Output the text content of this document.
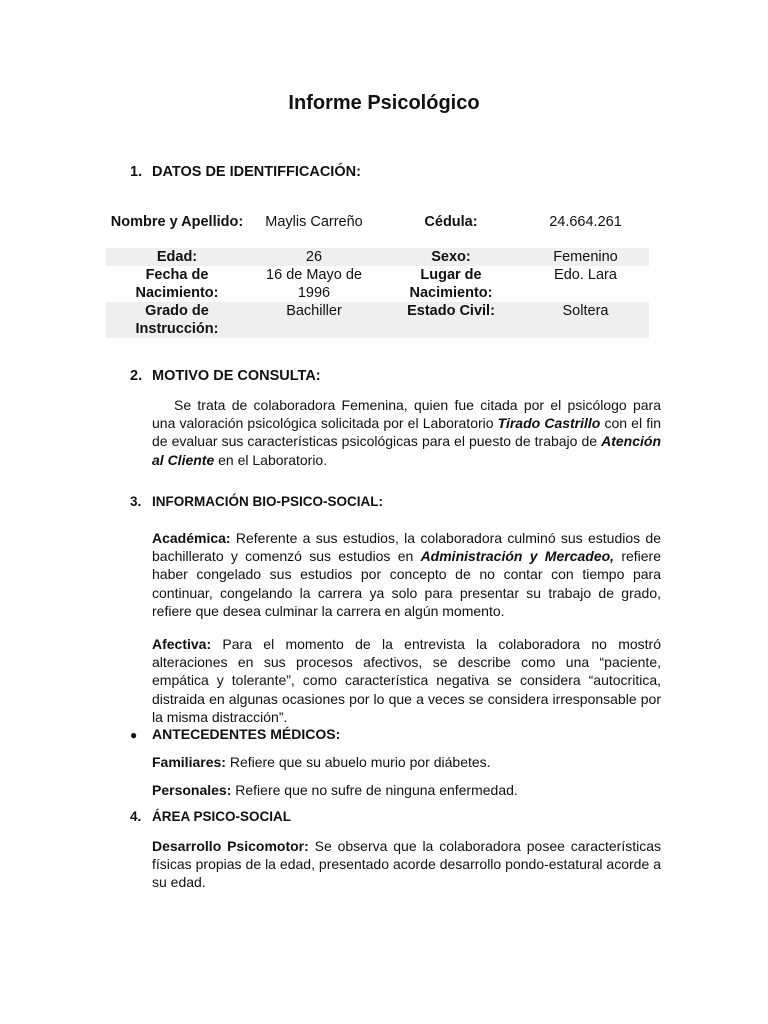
Informe Psicológico
1. DATOS DE IDENTIFFICACIÓN:
Nombre y Apellido:	Maylis Carreño	Cédula:	24.664.261
Edad:	26	Sexo:	Femenino
Fecha de Nacimiento:	16 de Mayo de 1996	Lugar de Nacimiento:	Edo. Lara
Grado de Instrucción:	Bachiller	Estado Civil:	Soltera
2. MOTIVO DE CONSULTA:
Se trata de colaboradora Femenina, quien fue citada por el psicólogo para una valoración psicológica solicitada por el Laboratorio Tirado Castrillo con el fin de evaluar sus características psicológicas para el puesto de trabajo de Atención al Cliente en el Laboratorio.
3. INFORMACIÓN BIO-PSICO-SOCIAL:
Académica: Referente a sus estudios, la colaboradora culminó sus estudios de bachillerato y comenzó sus estudios en Administración y Mercadeo, refiere haber congelado sus estudios por concepto de no contar con tiempo para continuar, congelando la carrera ya solo para presentar su trabajo de grado, refiere que desea culminar la carrera en algún momento.
Afectiva: Para el momento de la entrevista la colaboradora no mostró alteraciones en sus procesos afectivos, se describe como una “paciente, empática y tolerante”, como característica negativa se considera “autocritica, distraida en algunas ocasiones por lo que a veces se considera irresponsable por la misma distracción”.
● ANTECEDENTES MÉDICOS:
Familiares: Refiere que su abuelo murio por diábetes.
Personales: Refiere que no sufre de ninguna enfermedad.
4. ÁREA PSICO-SOCIAL
Desarrollo Psicomotor: Se observa que la colaboradora posee características físicas propias de la edad, presentado acorde desarrollo pondo-estatural acorde a su edad.
